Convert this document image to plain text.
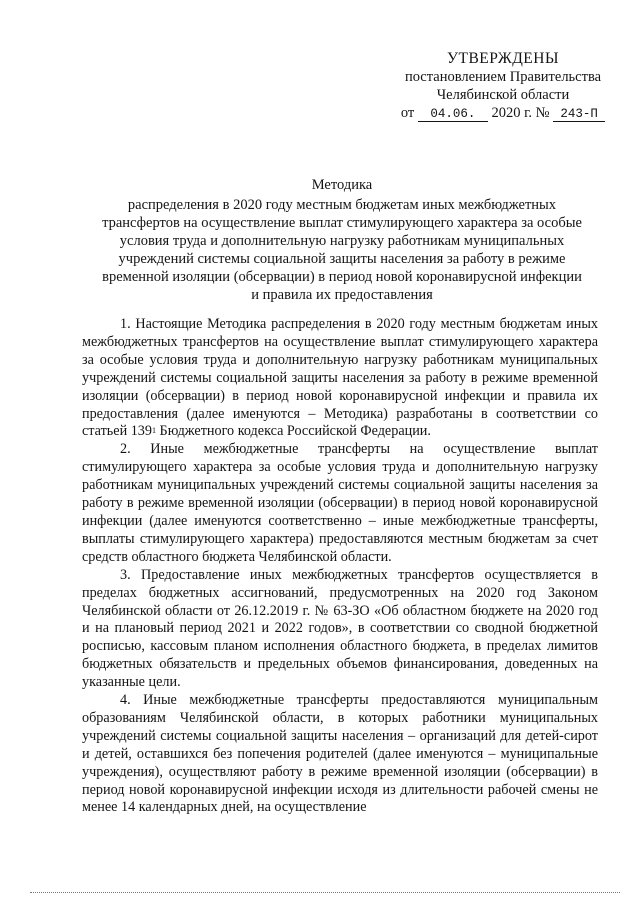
УТВЕРЖДЕНЫ
постановлением Правительства
Челябинской области
от 04.06. 2020 г. № 243-П
Методика
распределения в 2020 году местным бюджетам иных межбюджетных трансфертов на осуществление выплат стимулирующего характера за особые условия труда и дополнительную нагрузку работникам муниципальных учреждений системы социальной защиты населения за работу в режиме временной изоляции (обсервации) в период новой коронавирусной инфекции и правила их предоставления

1. Настоящие Методика распределения в 2020 году местным бюджетам иных межбюджетных трансфертов на осуществление выплат стимулирующего характера за особые условия труда и дополнительную нагрузку работникам муниципальных учреждений системы социальной защиты населения за работу в режиме временной изоляции (обсервации) в период новой коронавирусной инфекции и правила их предоставления (далее именуются – Методика) разработаны в соответствии со статьей $139^1$ Бюджетного кодекса Российской Федерации.

2. Иные межбюджетные трансферты на осуществление выплат стимулирующего характера за особые условия труда и дополнительную нагрузку работникам муниципальных учреждений системы социальной защиты населения за работу в режиме временной изоляции (обсервации) в период новой коронавирусной инфекции (далее именуются соответственно – иные межбюджетные трансферты, выплаты стимулирующего характера) предоставляются местным бюджетам за счет средств областного бюджета Челябинской области.

3. Предоставление иных межбюджетных трансфертов осуществляется в пределах бюджетных ассигнований, предусмотренных на 2020 год Законом Челябинской области от 26.12.2019 г. № 63-ЗО «Об областном бюджете на 2020 год и на плановый период 2021 и 2022 годов», в соответствии со сводной бюджетной росписью, кассовым планом исполнения областного бюджета, в пределах лимитов бюджетных обязательств и предельных объемов финансирования, доведенных на указанные цели.

4. Иные межбюджетные трансферты предоставляются муниципальным образованиям Челябинской области, в которых работники муниципальных учреждений системы социальной защиты населения – организаций для детей-сирот и детей, оставшихся без попечения родителей (далее именуются – муниципальные учреждения), осуществляют работу в режиме временной изоляции (обсервации) в период новой коронавирусной инфекции исходя из длительности рабочей смены не менее 14 календарных дней, на осуществление
